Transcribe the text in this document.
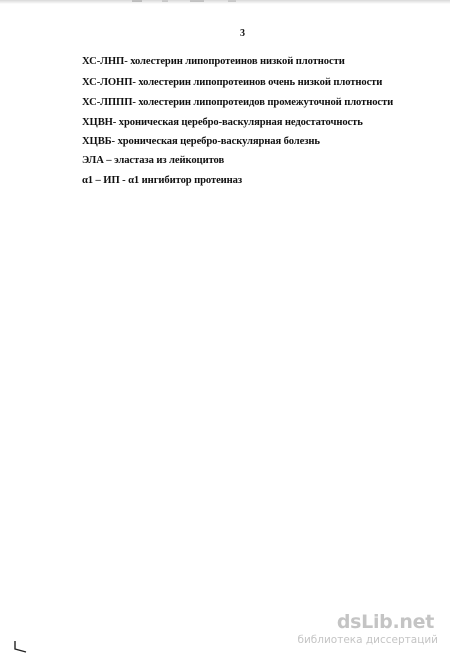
3
ХС-ЛНП- холестерин липопротеинов низкой плотности
ХС-ЛОНП- холестерин липопротеинов очень низкой плотности
ХС-ЛППП- холестерин липопротеидов промежуточной плотности
ХЦВН- хроническая церебро-васкулярная недостаточность
ХЦВБ- хроническая церебро-васкулярная болезнь
ЭЛА – эластаза из лейкоцитов
α1 – ИП - α1 ингибитор протеиназ
dsLib.net
библиотека диссертаций
